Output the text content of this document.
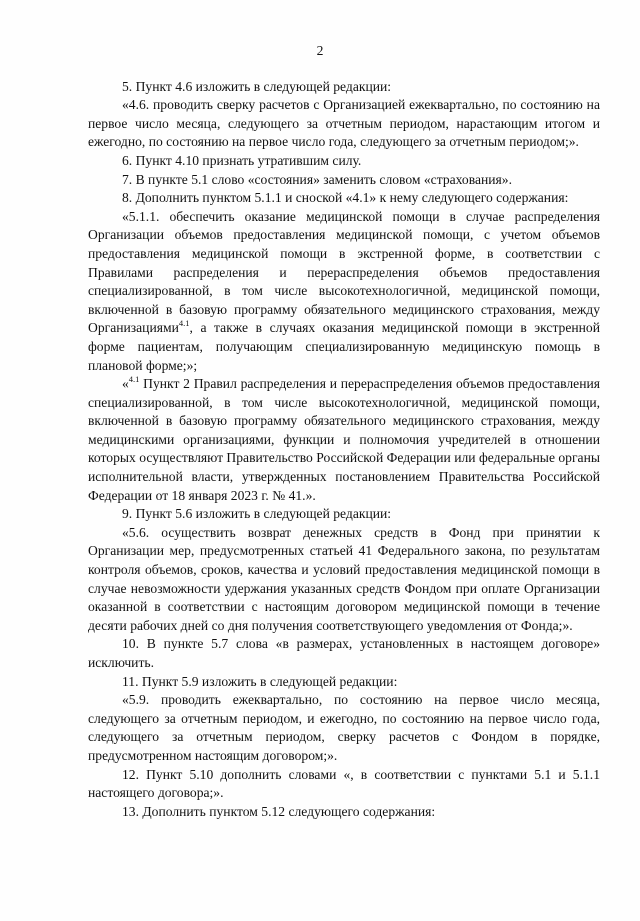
2

5. Пункт 4.6 изложить в следующей редакции:

«4.6. проводить сверку расчетов с Организацией ежеквартально, по состоянию на первое число месяца, следующего за отчетным периодом, нарастающим итогом и ежегодно, по состоянию на первое число года, следующего за отчетным периодом;».

6. Пункт 4.10 признать утратившим силу.

7. В пункте 5.1 слово «состояния» заменить словом «страхования».

8. Дополнить пунктом 5.1.1 и сноской «4.1» к нему следующего содержания:

«5.1.1. обеспечить оказание медицинской помощи в случае распределения Организации объемов предоставления медицинской помощи, с учетом объемов предоставления медицинской помощи в экстренной форме, в соответствии с Правилами распределения и перераспределения объемов предоставления специализированной, в том числе высокотехнологичной, медицинской помощи, включенной в базовую программу обязательного медицинского страхования, между Организациями$^{4.1}$, а также в случаях оказания медицинской помощи в экстренной форме пациентам, получающим специализированную медицинскую помощь в плановой форме;»;

«$^{4.1}$ Пункт 2 Правил распределения и перераспределения объемов предоставления специализированной, в том числе высокотехнологичной, медицинской помощи, включенной в базовую программу обязательного медицинского страхования, между медицинскими организациями, функции и полномочия учредителей в отношении которых осуществляют Правительство Российской Федерации или федеральные органы исполнительной власти, утвержденных постановлением Правительства Российской Федерации от 18 января 2023 г. № 41.».

9. Пункт 5.6 изложить в следующей редакции:

«5.6. осуществить возврат денежных средств в Фонд при принятии к Организации мер, предусмотренных статьей 41 Федерального закона, по результатам контроля объемов, сроков, качества и условий предоставления медицинской помощи в случае невозможности удержания указанных средств Фондом при оплате Организации оказанной в соответствии с настоящим договором медицинской помощи в течение десяти рабочих дней со дня получения соответствующего уведомления от Фонда;».

10. В пункте 5.7 слова «в размерах, установленных в настоящем договоре» исключить.

11. Пункт 5.9 изложить в следующей редакции:

«5.9. проводить ежеквартально, по состоянию на первое число месяца, следующего за отчетным периодом, и ежегодно, по состоянию на первое число года, следующего за отчетным периодом, сверку расчетов с Фондом в порядке, предусмотренном настоящим договором;».

12. Пункт 5.10 дополнить словами «, в соответствии с пунктами 5.1 и 5.1.1 настоящего договора;».

13. Дополнить пунктом 5.12 следующего содержания:
